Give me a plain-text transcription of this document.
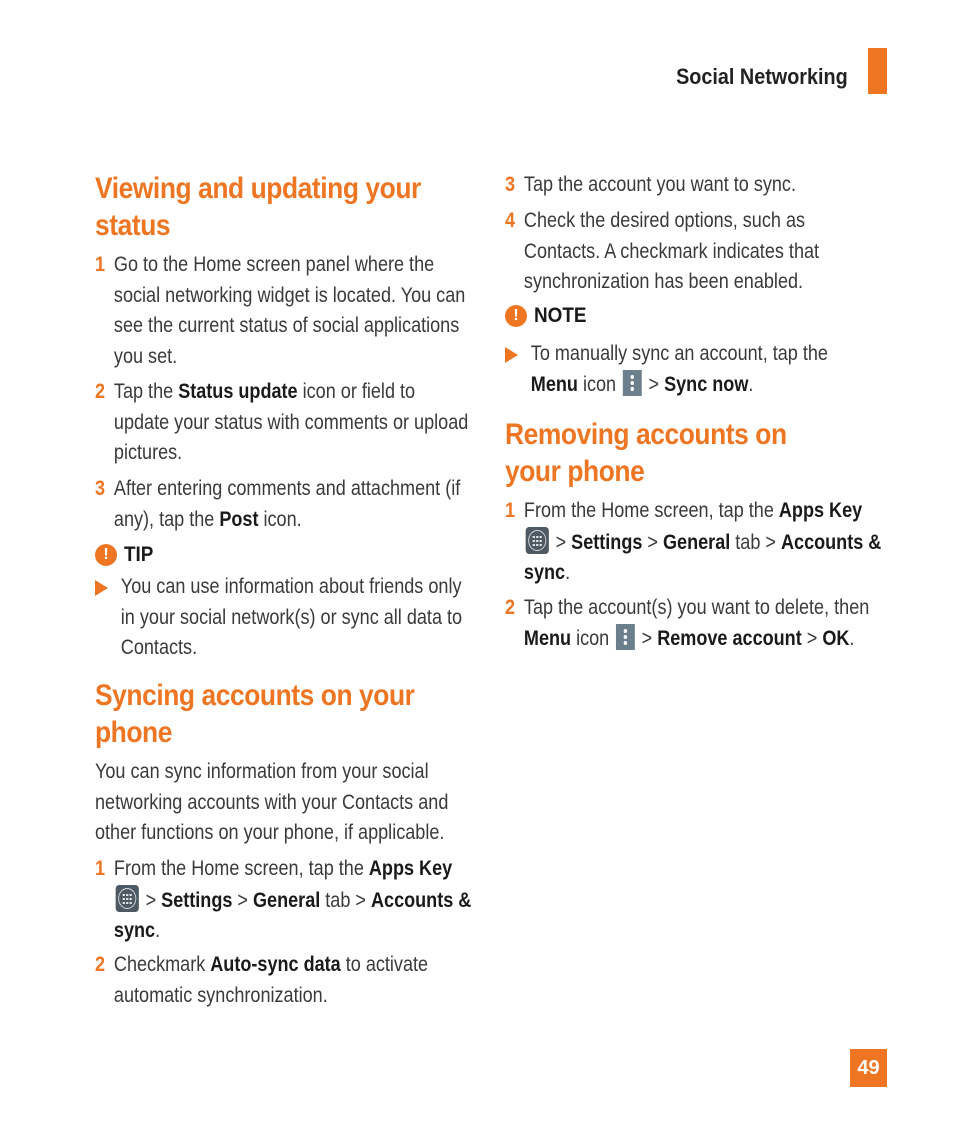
Social Networking
Viewing and updating your status
1 Go to the Home screen panel where the social networking widget is located. You can see the current status of social applications you set.
2 Tap the Status update icon or field to update your status with comments or upload pictures.
3 After entering comments and attachment (if any), tap the Post icon.
! TIP
You can use information about friends only in your social network(s) or sync all data to Contacts.
Syncing accounts on your phone
You can sync information from your social networking accounts with your Contacts and other functions on your phone, if applicable.
1 From the Home screen, tap the Apps Key
> Settings > General tab > Accounts & sync.
2 Checkmark Auto-sync data to activate automatic synchronization.
3 Tap the account you want to sync.
4 Check the desired options, such as Contacts. A checkmark indicates that synchronization has been enabled.
! NOTE
To manually sync an account, tap the Menu icon
> Sync now.
Removing accounts on your phone
1 From the Home screen, tap the Apps Key
> Settings > General tab > Accounts & sync.
2 Tap the account(s) you want to delete, then Menu icon
> Remove account > OK.
49
